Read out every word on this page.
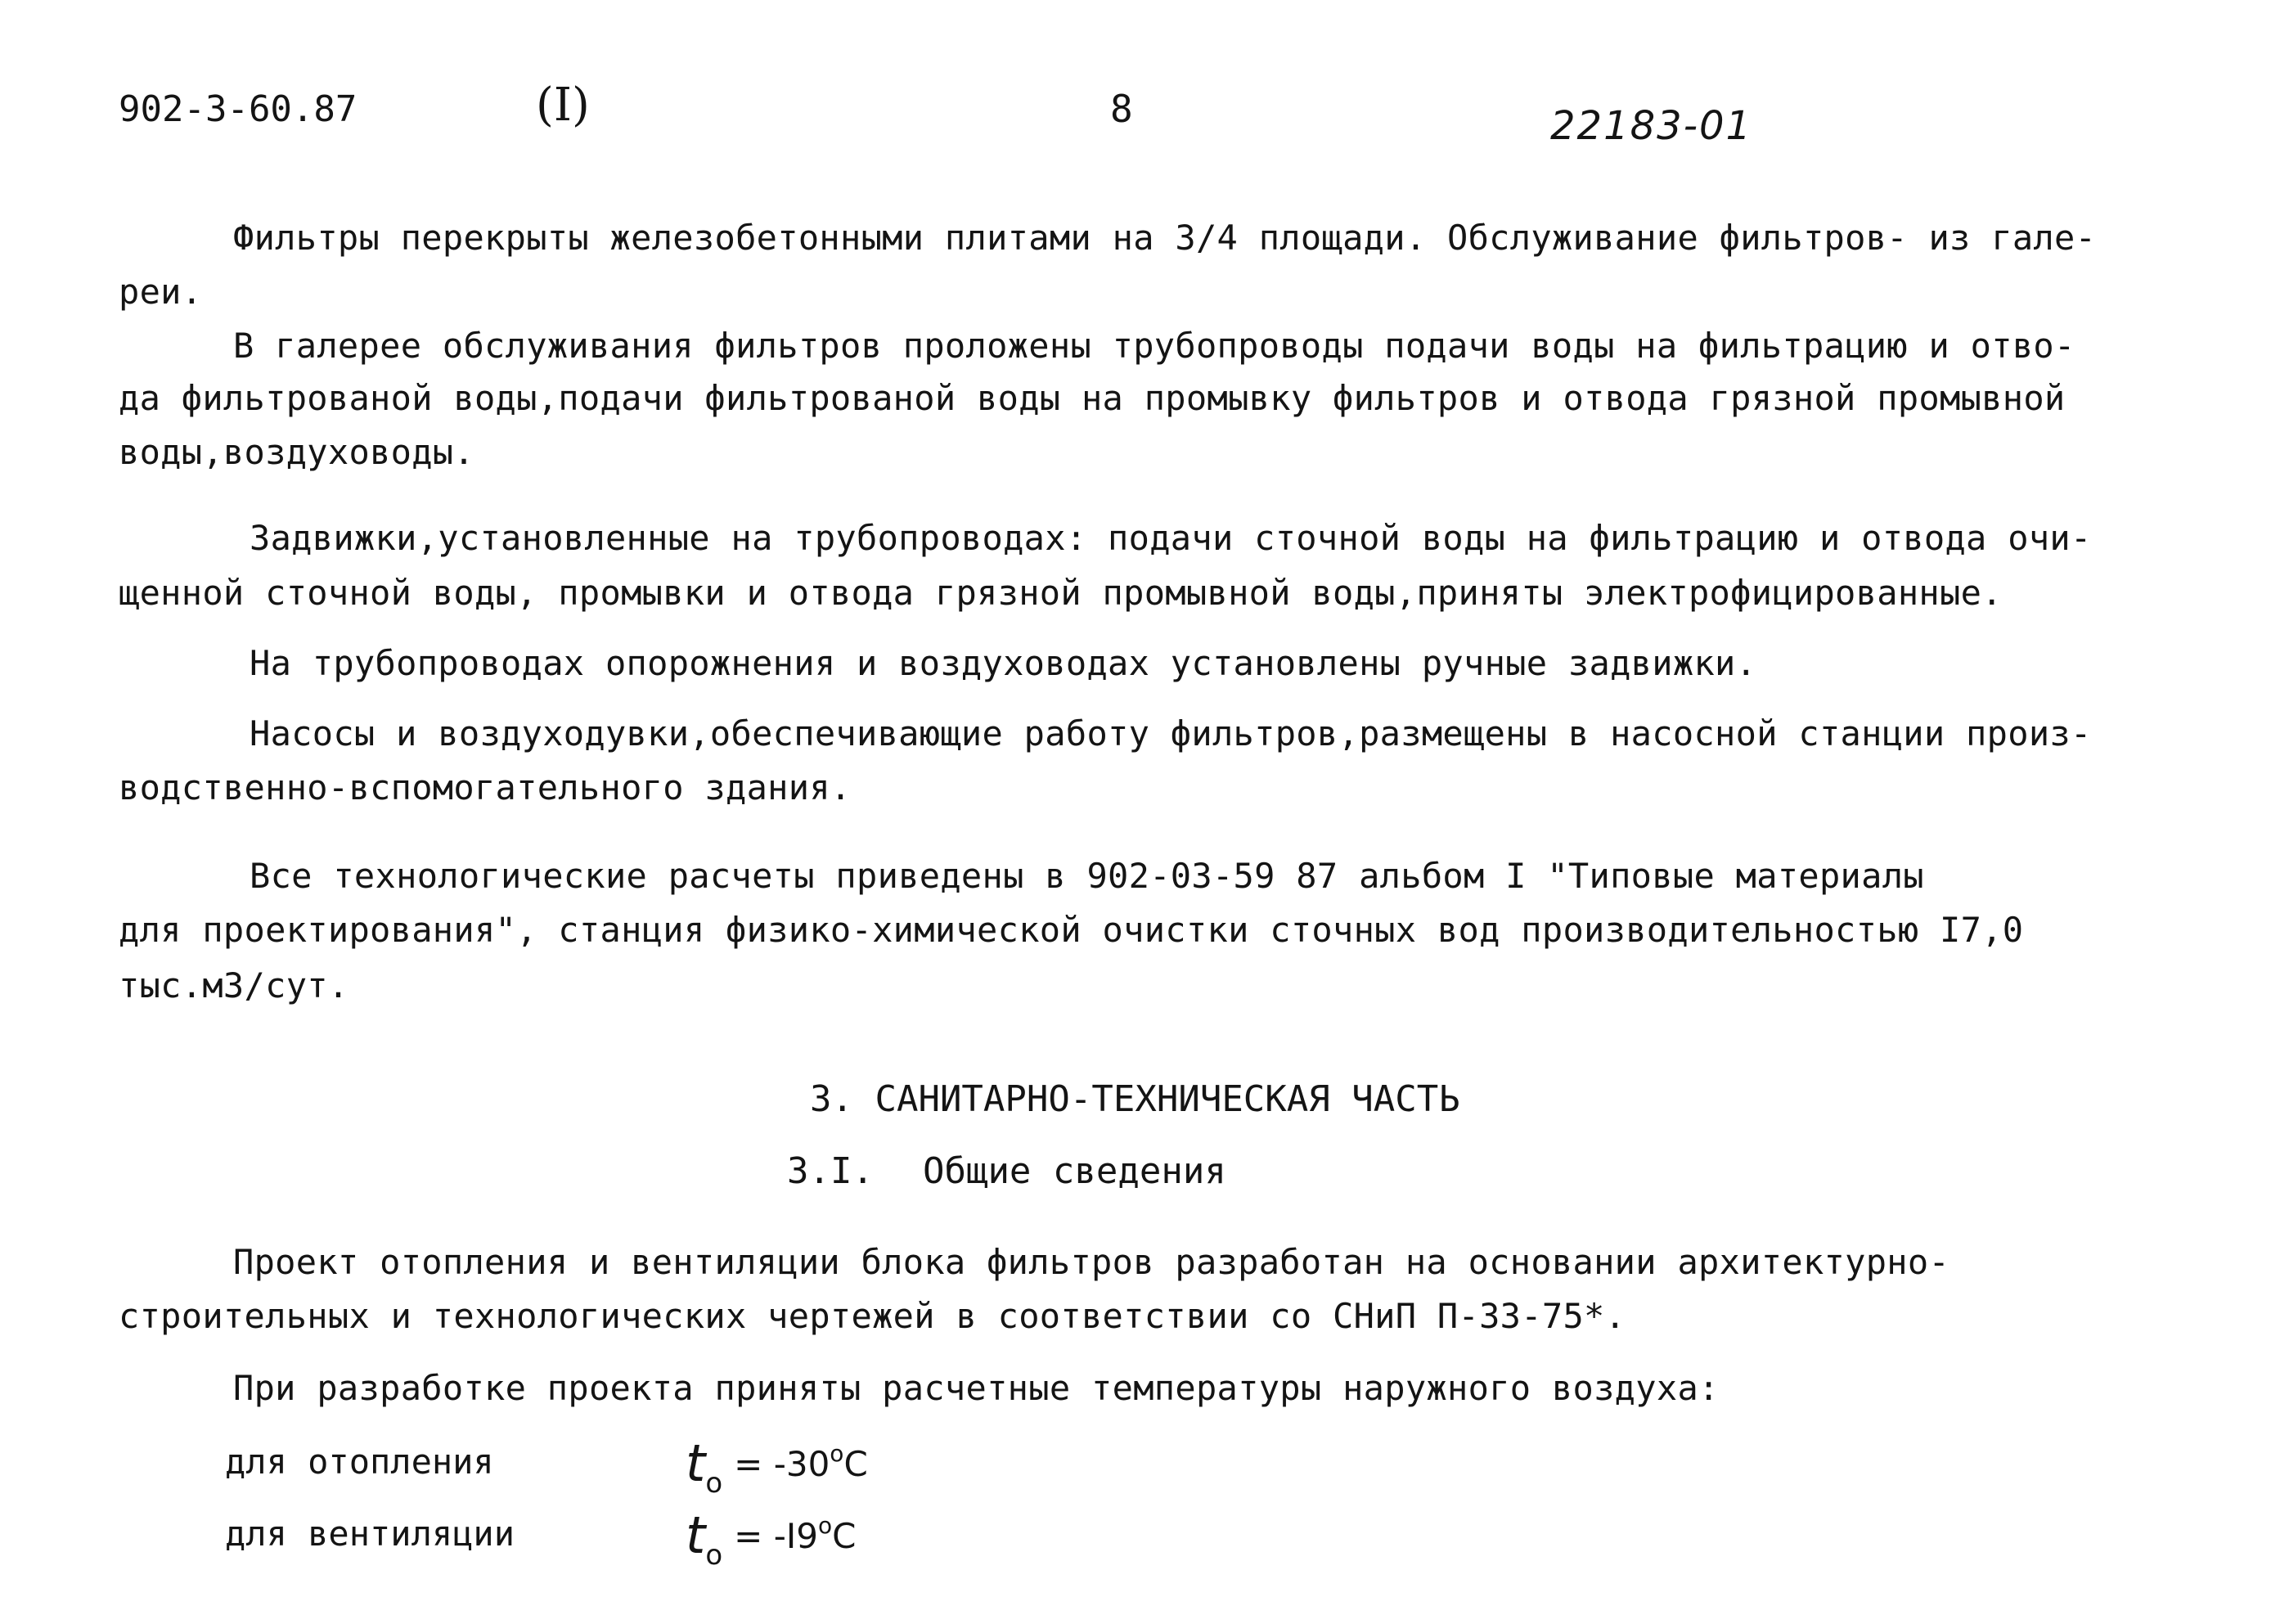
902-3-60.87	(I)	8	22183-01
Фильтры перекрыты железобетонными плитами на 3/4 площади. Обслуживание фильтров- из гале-
реи.
В галерее обслуживания фильтров проложены трубопроводы подачи воды на фильтрацию и отво-
да фильтрованой воды,подачи фильтрованой воды на промывку фильтров и отвода грязной промывной
воды,воздуховоды.
Задвижки,установленные на трубопроводах: подачи сточной воды на фильтрацию и отвода очи-
щенной сточной воды, промывки и отвода грязной промывной воды,приняты электрофицированные.
На трубопроводах опорожнения и воздуховодах установлены ручные задвижки.
Насосы и воздуходувки,обеспечивающие работу фильтров,размещены в насосной станции произ-
водственно-вспомогательного здания.
Все технологические расчеты приведены в 902-03-59 87 альбом I "Типовые материалы
для проектирования", станция физико-химической очистки сточных вод производительностью I7,0
тыс.м3/сут.
3. САНИТАРНО-ТЕХНИЧЕСКАЯ ЧАСТЬ
3.I. Общие сведения
Проект отопления и вентиляции блока фильтров разработан на основании архитектурно-
строительных и технологических чертежей в соответствии со СНиП П-33-75*.
При разработке проекта приняты расчетные температуры наружного воздуха:
для отопления	$t_o = -30^oC$
для вентиляции	$t_o = -I9^oC$
